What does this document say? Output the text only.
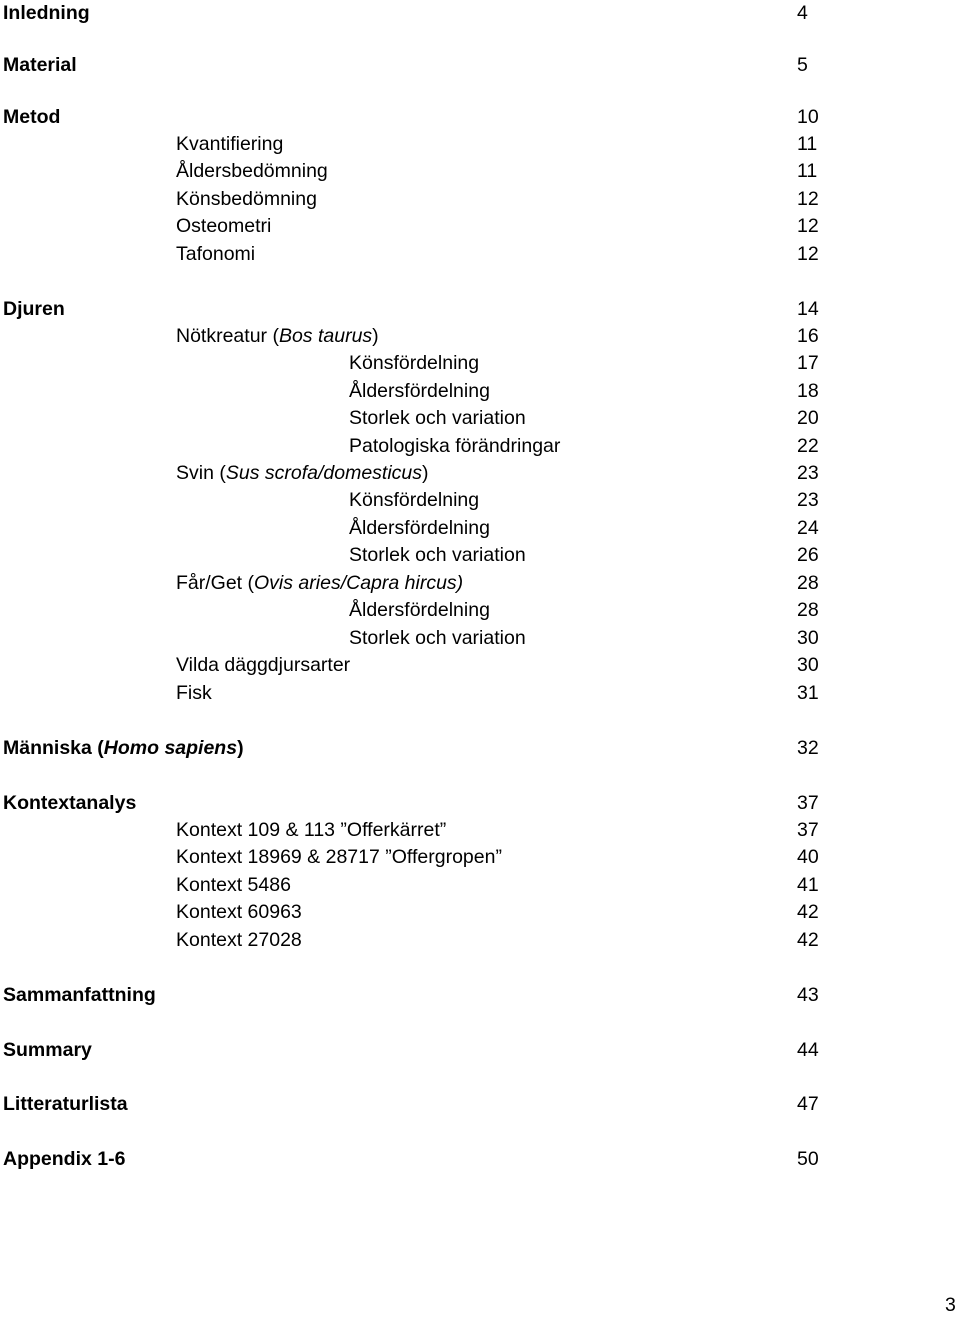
Inledning	4
Material	5
Metod	10
Kvantifiering	11
Åldersbedömning	11
Könsbedömning	12
Osteometri	12
Tafonomi	12
Djuren	14
Nötkreatur (Bos taurus)	16
Könsfördelning	17
Åldersfördelning	18
Storlek och variation	20
Patologiska förändringar	22
Svin (Sus scrofa/domesticus)	23
Könsfördelning	23
Åldersfördelning	24
Storlek och variation	26
Får/Get (Ovis aries/Capra hircus)	28
Åldersfördelning	28
Storlek och variation	30
Vilda däggdjursarter	30
Fisk	31
Människa (Homo sapiens)	32
Kontextanalys	37
Kontext 109 & 113 ”Offerkärret”	37
Kontext 18969 & 28717 ”Offergropen”	40
Kontext 5486	41
Kontext 60963	42
Kontext 27028	42
Sammanfattning	43
Summary	44
Litteraturlista	47
Appendix 1-6	50
3
